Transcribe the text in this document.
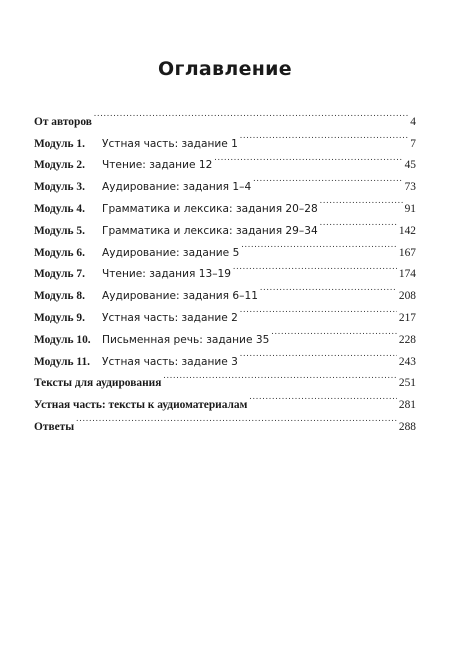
Оглавление
От авторов .....	4
Модуль 1.	Устная часть: задание 1 .....	7
Модуль 2.	Чтение: задание 12 .....	45
Модуль 3.	Аудирование: задания 1–4 .....	73
Модуль 4.	Грамматика и лексика: задания 20–28 .....	91
Модуль 5.	Грамматика и лексика: задания 29–34 .....	142
Модуль 6.	Аудирование: задание 5 .....	167
Модуль 7.	Чтение: задания 13–19 .....	174
Модуль 8.	Аудирование: задания 6–11 .....	208
Модуль 9.	Устная часть: задание 2 .....	217
Модуль 10.	Письменная речь: задание 35 .....	228
Модуль 11.	Устная часть: задание 3 .....	243
Тексты для аудирования .....	251
Устная часть: тексты к аудиоматериалам .....	281
Ответы .....	288
